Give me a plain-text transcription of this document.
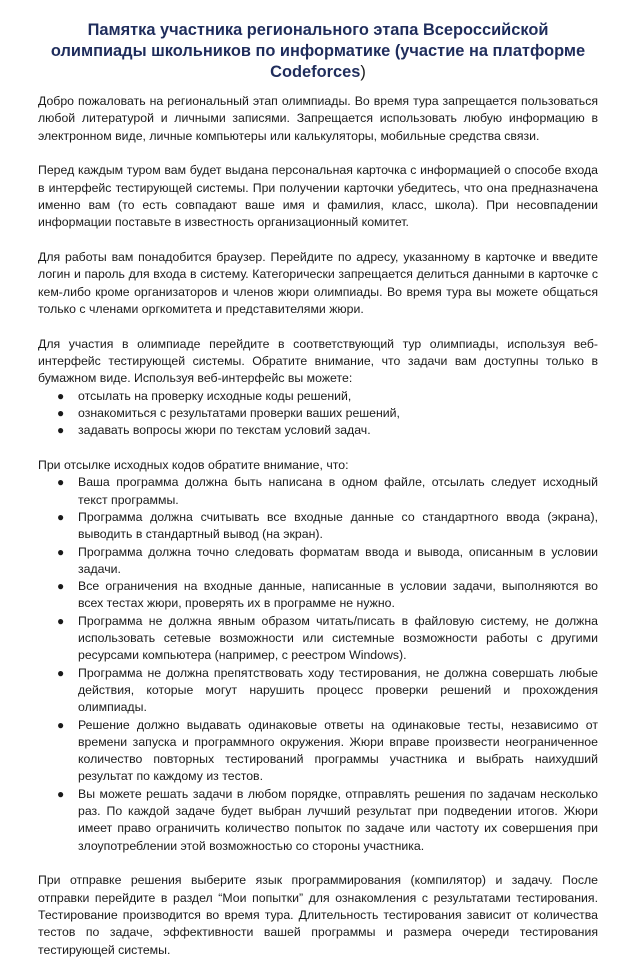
Памятка участника регионального этапа Всероссийской олимпиады школьников по информатике (участие на платформе Codeforces)

Добро пожаловать на региональный этап олимпиады. Во время тура запрещается пользоваться любой литературой и личными записями. Запрещается использовать любую информацию в электронном виде, личные компьютеры или калькуляторы, мобильные средства связи.

Перед каждым туром вам будет выдана персональная карточка с информацией о способе входа в интерфейс тестирующей системы. При получении карточки убедитесь, что она предназначена именно вам (то есть совпадают ваше имя и фамилия, класс, школа). При несовпадении информации поставьте в известность организационный комитет.

Для работы вам понадобится браузер. Перейдите по адресу, указанному в карточке и введите логин и пароль для входа в систему. Категорически запрещается делиться данными в карточке с кем-либо кроме организаторов и членов жюри олимпиады. Во время тура вы можете общаться только с членами оргкомитета и представителями жюри.

Для участия в олимпиаде перейдите в соответствующий тур олимпиады, используя веб-интерфейс тестирующей системы. Обратите внимание, что задачи вам доступны только в бумажном виде. Используя веб-интерфейс вы можете:

● отсылать на проверку исходные коды решений,
● ознакомиться с результатами проверки ваших решений,
● задавать вопросы жюри по текстам условий задач.

При отсылке исходных кодов обратите внимание, что:

● Ваша программа должна быть написана в одном файле, отсылать следует исходный текст программы.
● Программа должна считывать все входные данные со стандартного ввода (экрана), выводить в стандартный вывод (на экран).
● Программа должна точно следовать форматам ввода и вывода, описанным в условии задачи.
● Все ограничения на входные данные, написанные в условии задачи, выполняются во всех тестах жюри, проверять их в программе не нужно.
● Программа не должна явным образом читать/писать в файловую систему, не должна использовать сетевые возможности или системные возможности работы с другими ресурсами компьютера (например, с реестром Windows).
● Программа не должна препятствовать ходу тестирования, не должна совершать любые действия, которые могут нарушить процесс проверки решений и прохождения олимпиады.
● Решение должно выдавать одинаковые ответы на одинаковые тесты, независимо от времени запуска и программного окружения. Жюри вправе произвести неограниченное количество повторных тестирований программы участника и выбрать наихудший результат по каждому из тестов.
● Вы можете решать задачи в любом порядке, отправлять решения по задачам несколько раз. По каждой задаче будет выбран лучший результат при подведении итогов. Жюри имеет право ограничить количество попыток по задаче или частоту их совершения при злоупотреблении этой возможностью со стороны участника.

При отправке решения выберите язык программирования (компилятор) и задачу. После отправки перейдите в раздел “Мои попытки” для ознакомления с результатами тестирования. Тестирование производится во время тура. Длительность тестирования зависит от количества тестов по задаче, эффективности вашей программы и размера очереди тестирования тестирующей системы.
